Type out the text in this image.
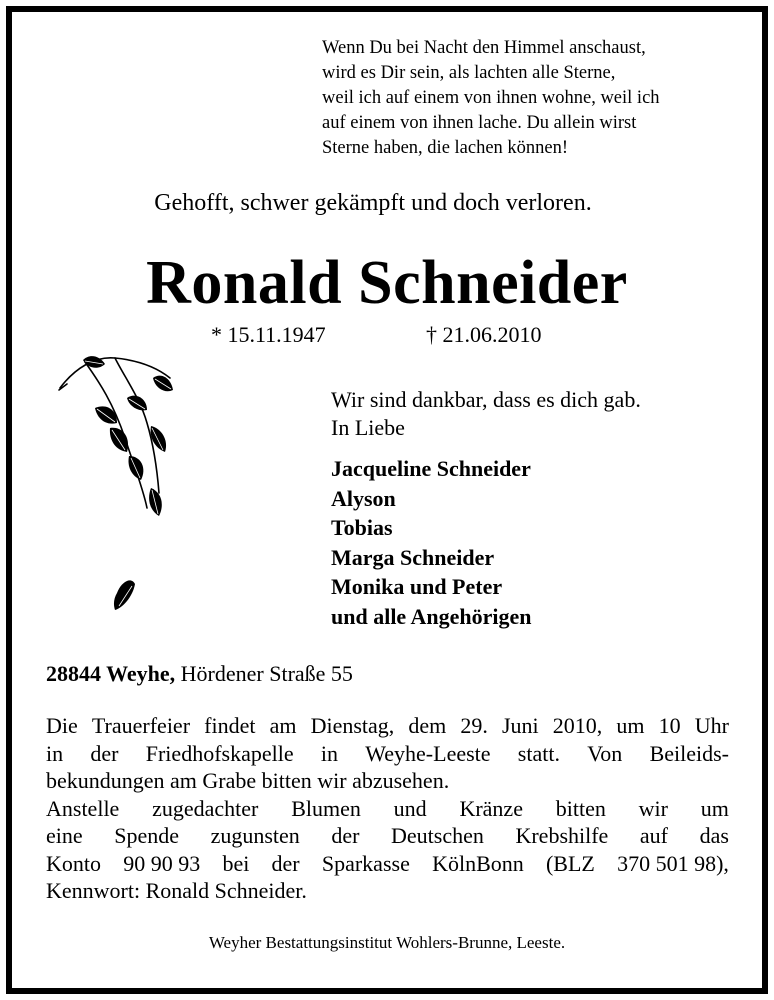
Wenn Du bei Nacht den Himmel anschaust,
wird es Dir sein, als lachten alle Sterne,
weil ich auf einem von ihnen wohne, weil ich
auf einem von ihnen lache. Du allein wirst
Sterne haben, die lachen können!
Gehofft, schwer gekämpft und doch verloren.
Ronald Schneider
* 15.11.1947	† 21.06.2010
Wir sind dankbar, dass es dich gab.
In Liebe
Jacqueline Schneider
Alyson
Tobias
Marga Schneider
Monika und Peter
und alle Angehörigen
28844 Weyhe, Hördener Straße 55
Die Trauerfeier findet am Dienstag, dem 29. Juni 2010, um 10 Uhr
in der Friedhofskapelle in Weyhe-Leeste statt. Von Beileids-
bekundungen am Grabe bitten wir abzusehen.
Anstelle zugedachter Blumen und Kränze bitten wir um
eine Spende zugunsten der Deutschen Krebshilfe auf das
Konto 90 90 93 bei der Sparkasse KölnBonn (BLZ 370 501 98),
Kennwort: Ronald Schneider.
Weyher Bestattungsinstitut Wohlers-Brunne, Leeste.
